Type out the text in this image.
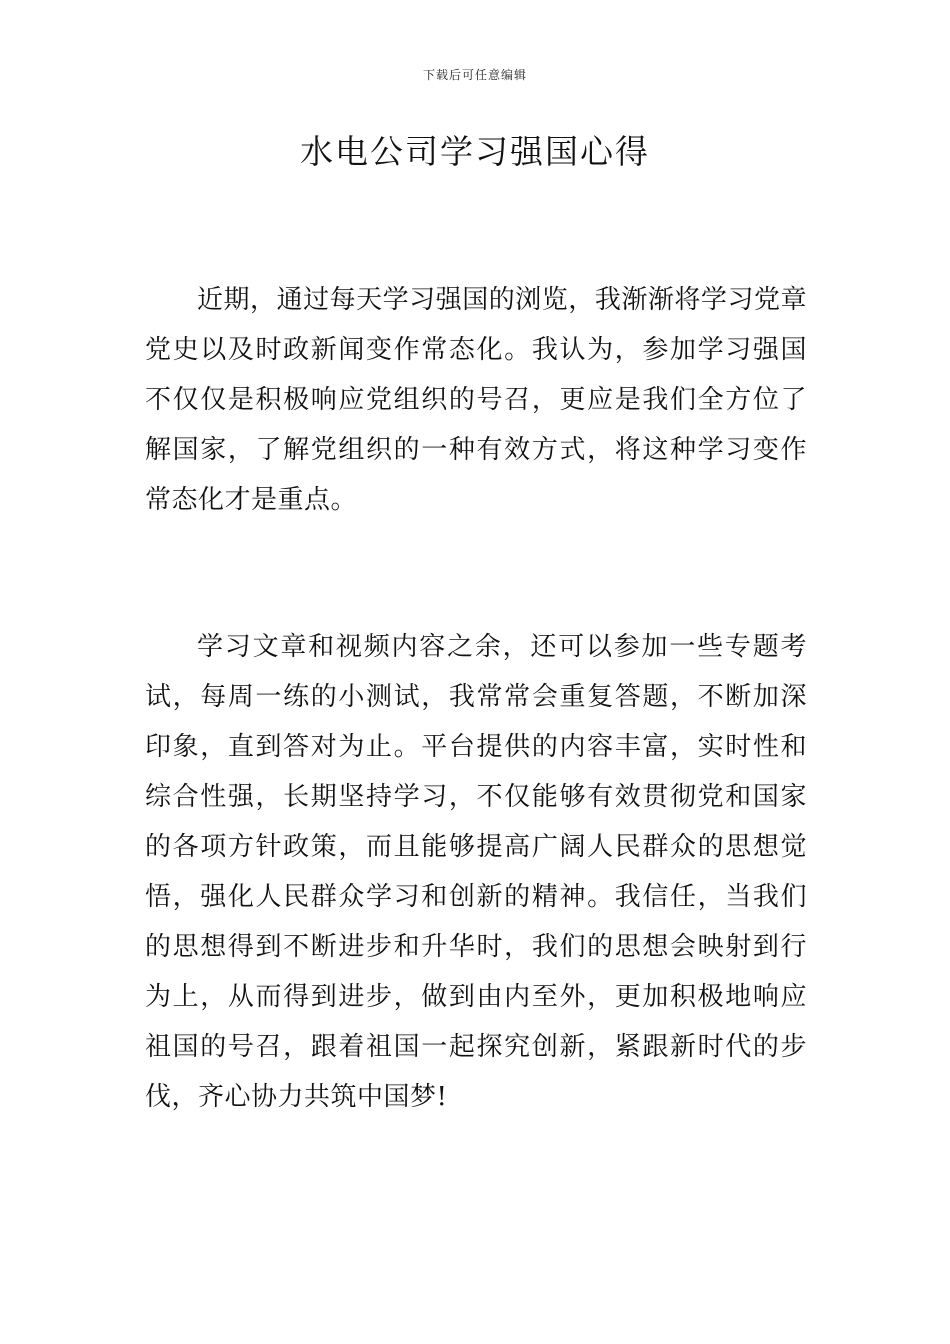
下载后可任意编辑
水电公司学习强国心得

近期，通过每天学习强国的浏览，我渐渐将学习党章党史以及时政新闻变作常态化。我认为，参加学习强国不仅仅是积极响应党组织的号召，更应是我们全方位了解国家，了解党组织的一种有效方式，将这种学习变作常态化才是重点。

学习文章和视频内容之余，还可以参加一些专题考试，每周一练的小测试，我常常会重复答题，不断加深印象，直到答对为止。平台提供的内容丰富，实时性和综合性强，长期坚持学习，不仅能够有效贯彻党和国家的各项方针政策，而且能够提高广阔人民群众的思想觉悟，强化人民群众学习和创新的精神。我信任，当我们的思想得到不断进步和升华时，我们的思想会映射到行为上，从而得到进步，做到由内至外，更加积极地响应祖国的号召，跟着祖国一起探究创新，紧跟新时代的步伐，齐心协力共筑中国梦!
